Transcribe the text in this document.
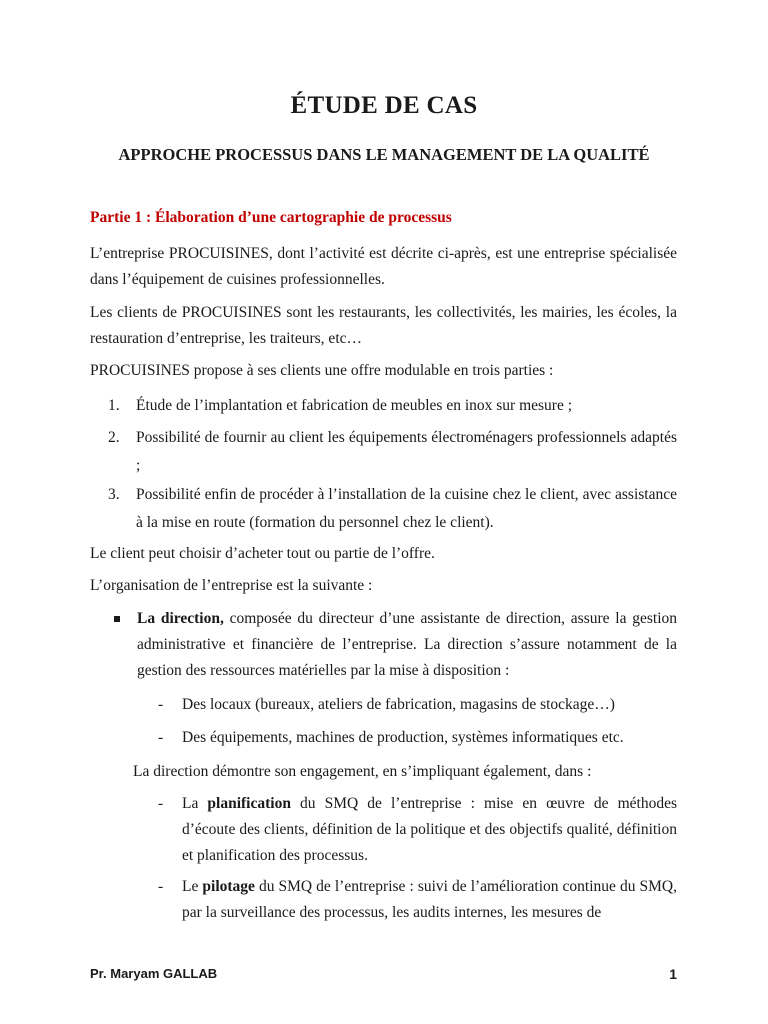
ÉTUDE DE CAS
APPROCHE PROCESSUS DANS LE MANAGEMENT DE LA QUALITÉ
Partie 1 : Élaboration d’une cartographie de processus
L’entreprise PROCUISINES, dont l’activité est décrite ci-après, est une entreprise spécialisée dans l’équipement de cuisines professionnelles.
Les clients de PROCUISINES sont les restaurants, les collectivités, les mairies, les écoles, la restauration d’entreprise, les traiteurs, etc…
PROCUISINES propose à ses clients une offre modulable en trois parties :
1.	Étude de l’implantation et fabrication de meubles en inox sur mesure ;
2.	Possibilité de fournir au client les équipements électroménagers professionnels adaptés ;
3.	Possibilité enfin de procéder à l’installation de la cuisine chez le client, avec assistance à la mise en route (formation du personnel chez le client).
Le client peut choisir d’acheter tout ou partie de l’offre.
L’organisation de l’entreprise est la suivante :
La direction, composée du directeur d’une assistante de direction, assure la gestion administrative et financière de l’entreprise. La direction s’assure notamment de la gestion des ressources matérielles par la mise à disposition :
- Des locaux (bureaux, ateliers de fabrication, magasins de stockage…)
- Des équipements, machines de production, systèmes informatiques etc.
La direction démontre son engagement, en s’impliquant également, dans :
- La planification du SMQ de l’entreprise : mise en œuvre de méthodes d’écoute des clients, définition de la politique et des objectifs qualité, définition et planification des processus.
- Le pilotage du SMQ de l’entreprise : suivi de l’amélioration continue du SMQ, par la surveillance des processus, les audits internes, les mesures de
Pr. Maryam GALLAB	1
